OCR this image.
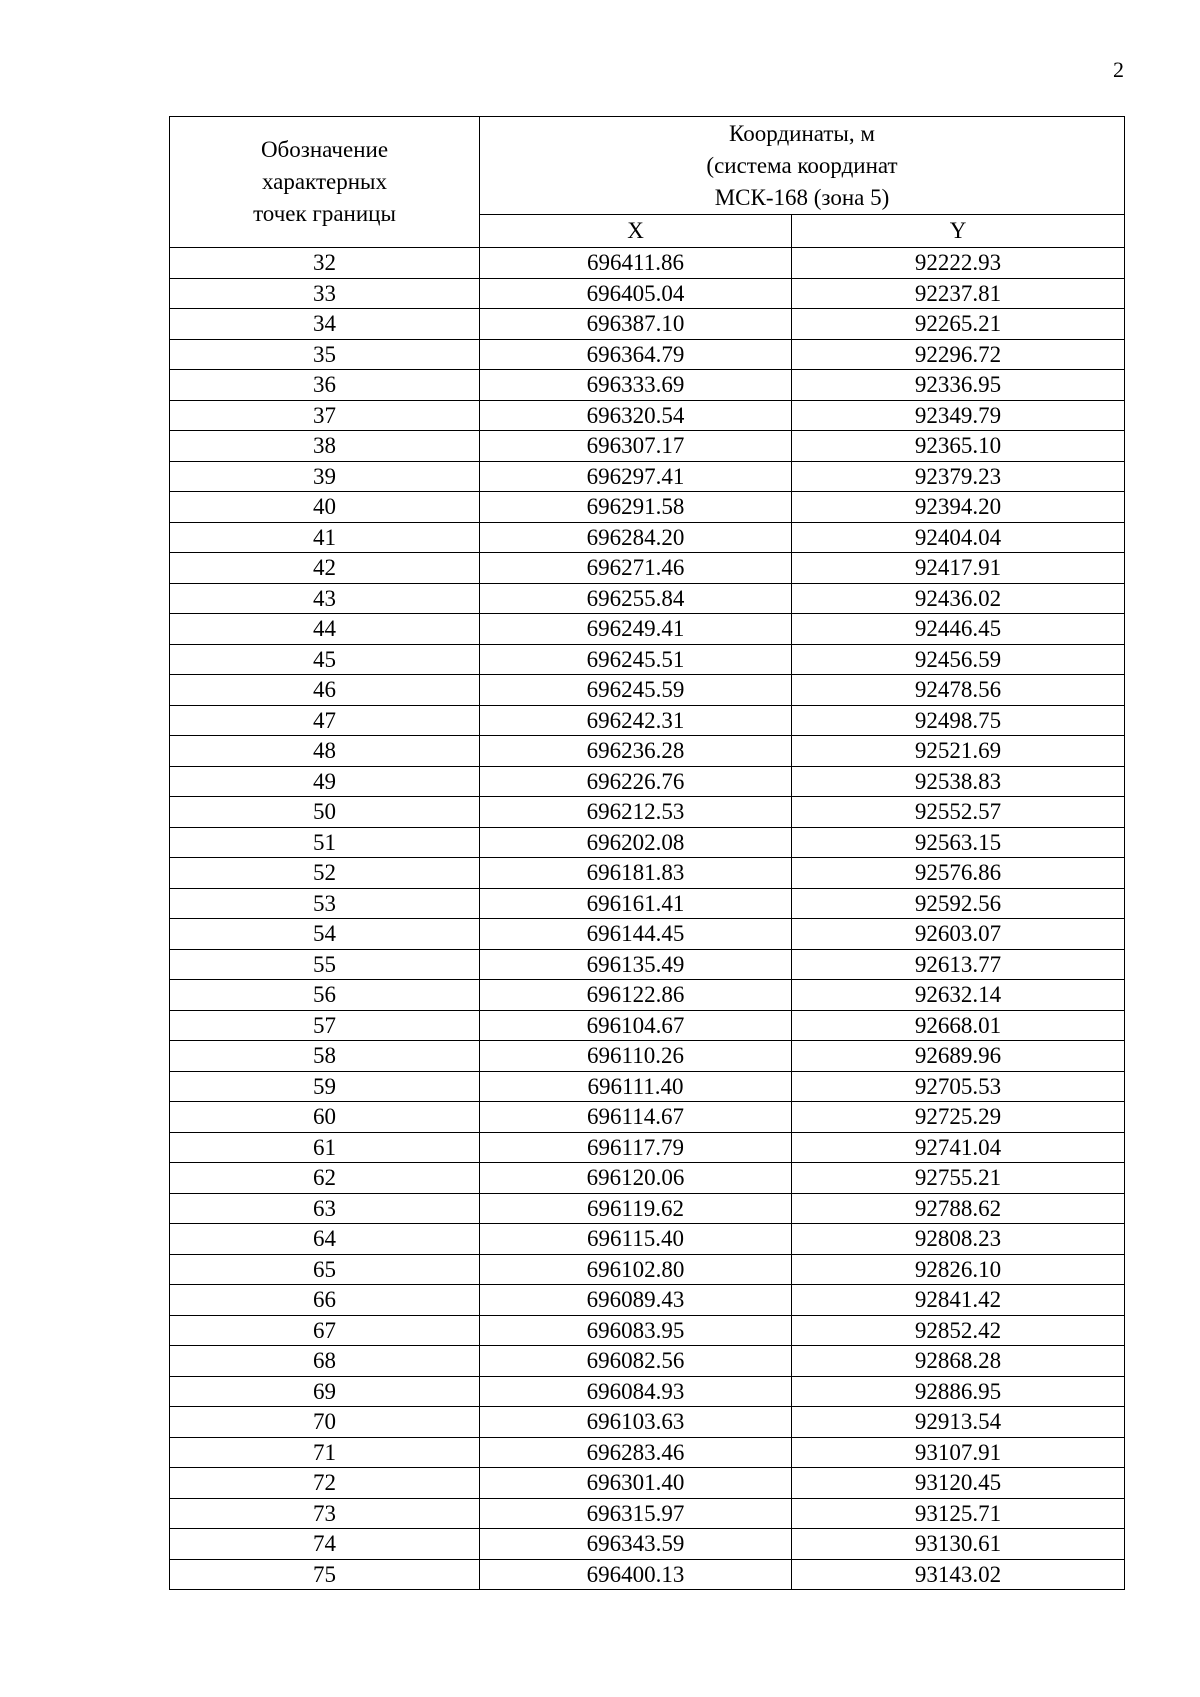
2
Обозначение
характерных
точек границы	Координаты, м
(система координат
МСК-168 (зона 5)	

	X	Y
32	696411.86	92222.93
33	696405.04	92237.81
34	696387.10	92265.21
35	696364.79	92296.72
36	696333.69	92336.95
37	696320.54	92349.79
38	696307.17	92365.10
39	696297.41	92379.23
40	696291.58	92394.20
41	696284.20	92404.04
42	696271.46	92417.91
43	696255.84	92436.02
44	696249.41	92446.45
45	696245.51	92456.59
46	696245.59	92478.56
47	696242.31	92498.75
48	696236.28	92521.69
49	696226.76	92538.83
50	696212.53	92552.57
51	696202.08	92563.15
52	696181.83	92576.86
53	696161.41	92592.56
54	696144.45	92603.07
55	696135.49	92613.77
56	696122.86	92632.14
57	696104.67	92668.01
58	696110.26	92689.96
59	696111.40	92705.53
60	696114.67	92725.29
61	696117.79	92741.04
62	696120.06	92755.21
63	696119.62	92788.62
64	696115.40	92808.23
65	696102.80	92826.10
66	696089.43	92841.42
67	696083.95	92852.42
68	696082.56	92868.28
69	696084.93	92886.95
70	696103.63	92913.54
71	696283.46	93107.91
72	696301.40	93120.45
73	696315.97	93125.71
74	696343.59	93130.61
75	696400.13	93143.02
